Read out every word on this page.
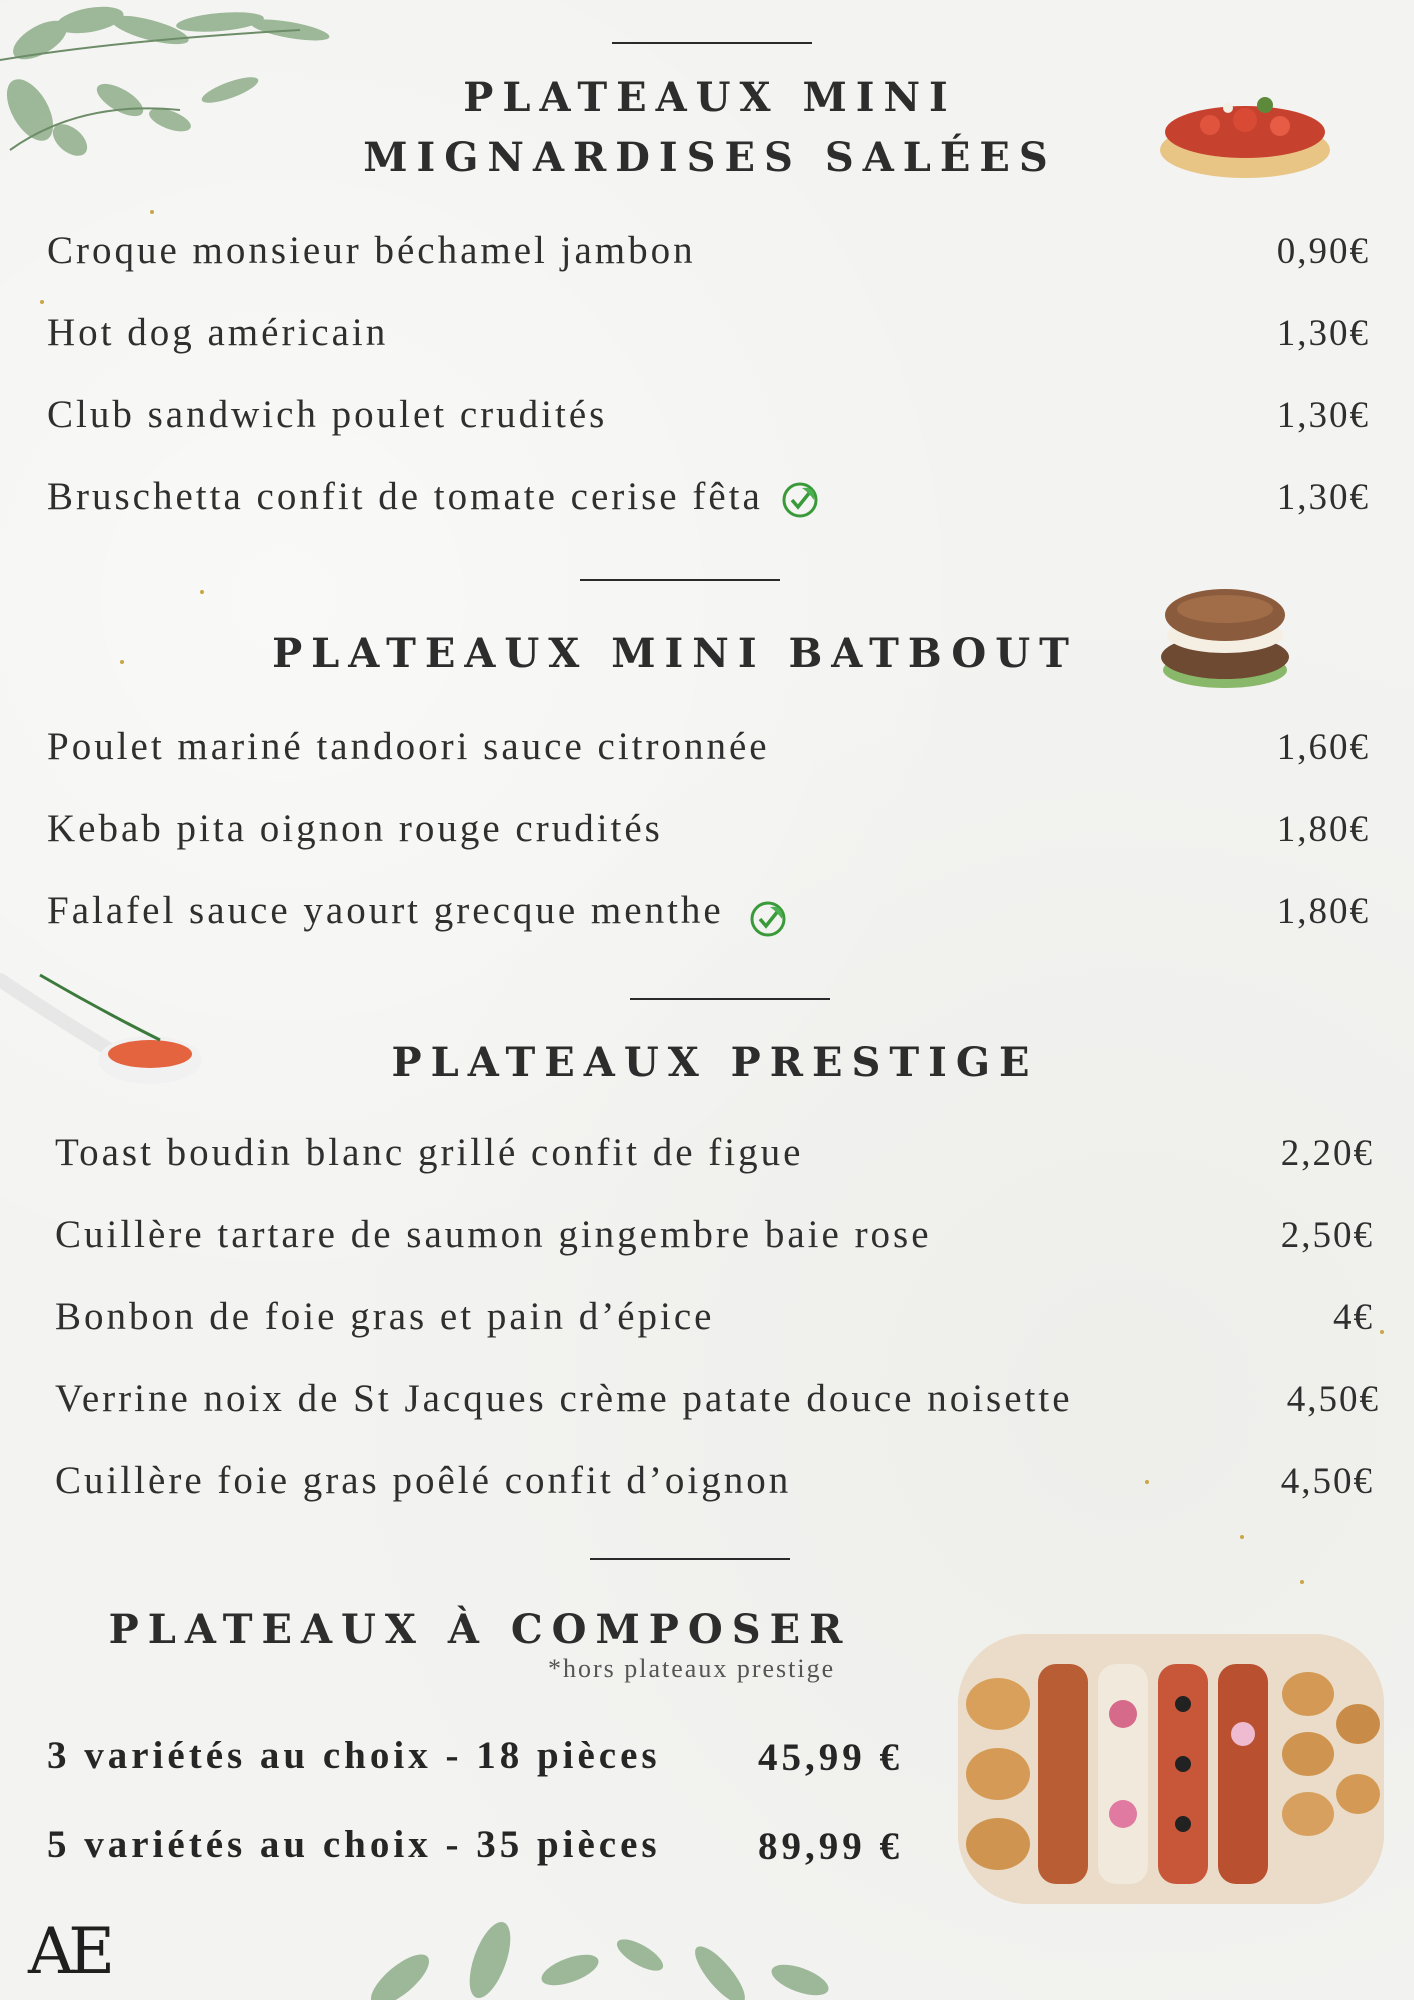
PLATEAUX MINI
MIGNARDISES SALÉES
Croque monsieur béchamel jambon	0,90€
Hot dog américain	1,30€
Club sandwich poulet crudités	1,30€
Bruschetta confit de tomate cerise fêta	1,30€
PLATEAUX MINI BATBOUT
Poulet mariné tandoori sauce citronnée	1,60€
Kebab pita oignon rouge crudités	1,80€
Falafel sauce yaourt grecque menthe	1,80€
PLATEAUX PRESTIGE
Toast boudin blanc grillé confit de figue	2,20€
Cuillère tartare de saumon gingembre baie rose	2,50€
Bonbon de foie gras et pain d’épice	4€
Verrine noix de St Jacques crème patate douce noisette	4,50€
Cuillère foie gras poêlé confit d’oignon	4,50€
PLATEAUX À COMPOSER
*hors plateaux prestige
3 variétés au choix - 18 pièces 45,99 €
5 variétés au choix - 35 pièces 89,99 €
AE
